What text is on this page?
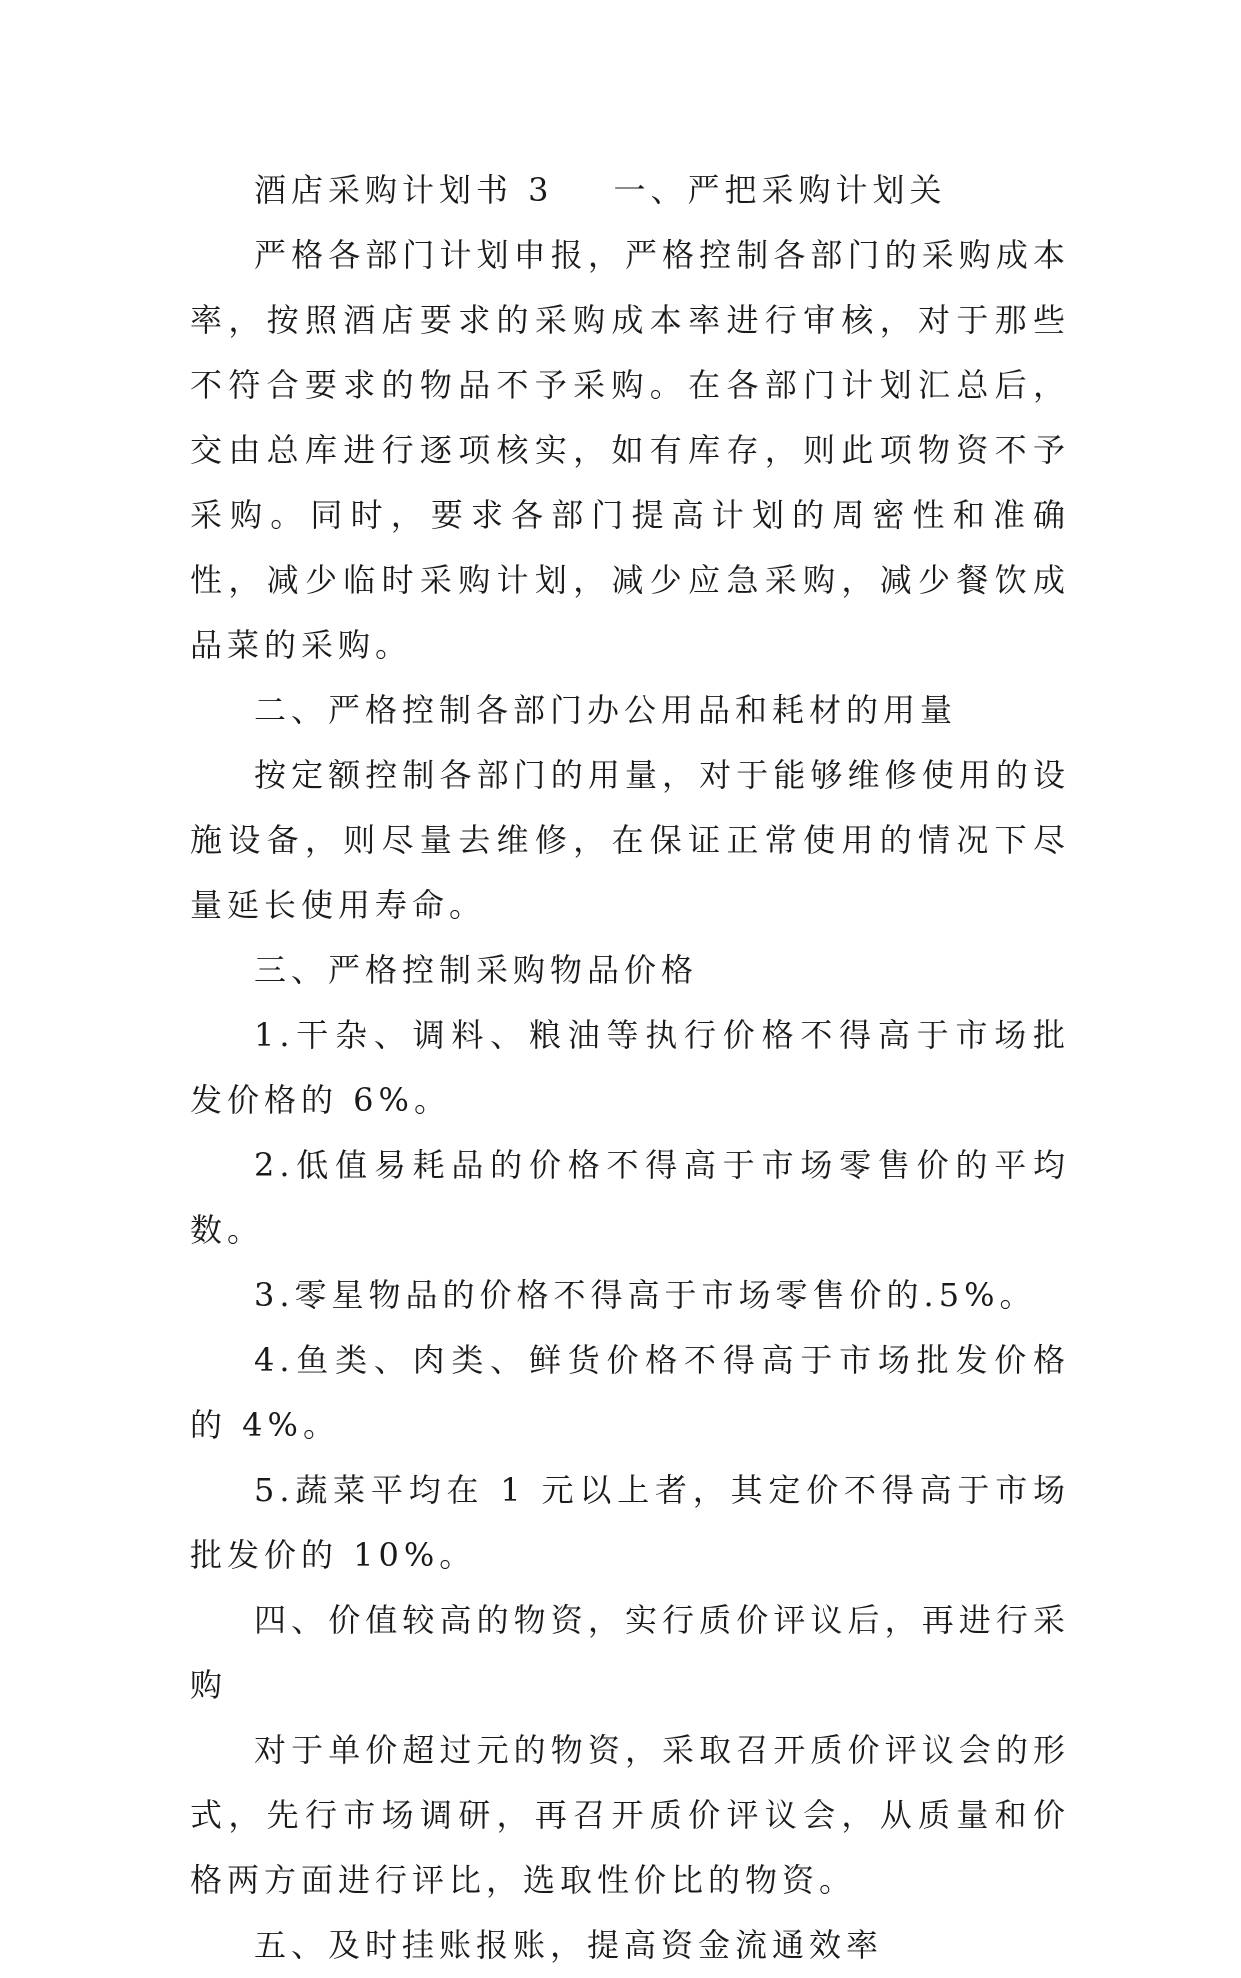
酒店采购计划书 3 一、严把采购计划关

严格各部门计划申报，严格控制各部门的采购成本率，按照酒店要求的采购成本率进行审核，对于那些不符合要求的物品不予采购。在各部门计划汇总后，交由总库进行逐项核实，如有库存，则此项物资不予采购。同时，要求各部门提高计划的周密性和准确性，减少临时采购计划，减少应急采购，减少餐饮成品菜的采购。

二、严格控制各部门办公用品和耗材的用量

按定额控制各部门的用量，对于能够维修使用的设施设备，则尽量去维修，在保证正常使用的情况下尽量延长使用寿命。

三、严格控制采购物品价格

1.干杂、调料、粮油等执行价格不得高于市场批发价格的 6%。

2.低值易耗品的价格不得高于市场零售价的平均数。

3.零星物品的价格不得高于市场零售价的.5%。

4.鱼类、肉类、鲜货价格不得高于市场批发价格的 4%。

5.蔬菜平均在 1 元以上者，其定价不得高于市场批发价的 10%。

四、价值较高的物资，实行质价评议后，再进行采购

对于单价超过元的物资，采取召开质价评议会的形式，先行市场调研，再召开质价评议会，从质量和价格两方面进行评比，选取性价比的物资。

五、及时挂账报账，提高资金流通效率
